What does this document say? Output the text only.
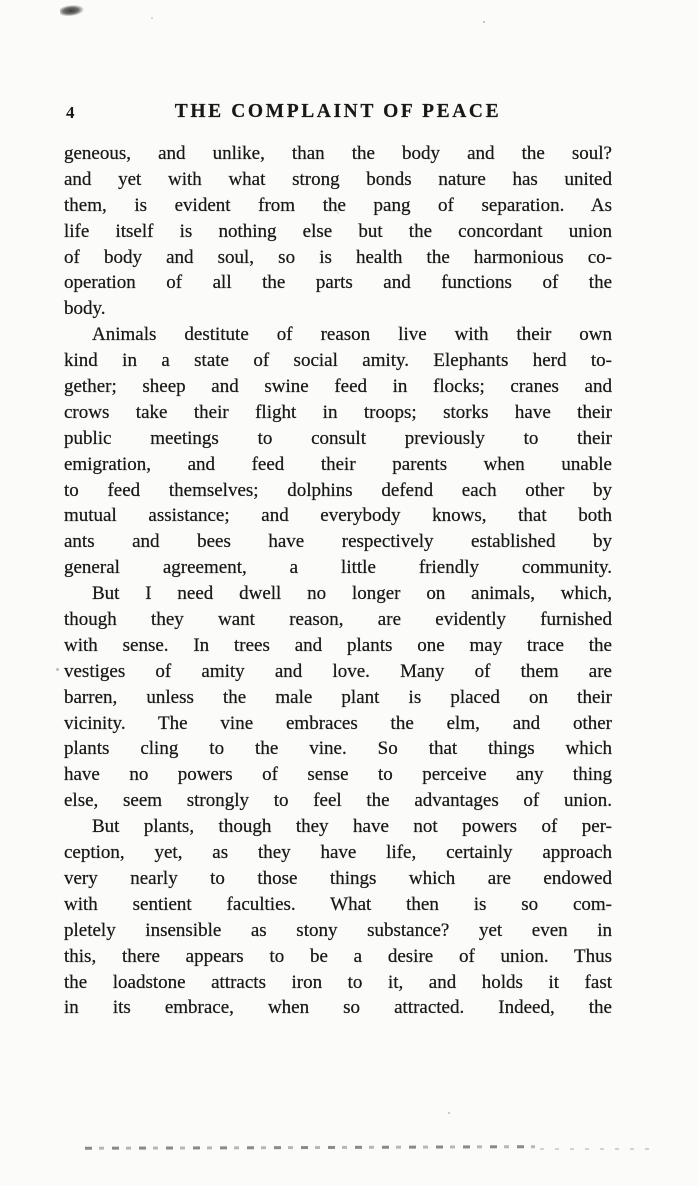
4	THE COMPLAINT OF PEACE
geneous, and unlike, than the body and the soul?
and yet with what strong bonds nature has united
them, is evident from the pang of separation. As
life itself is nothing else but the concordant union
of body and soul, so is health the harmonious co-
operation of all the parts and functions of the
body.
Animals destitute of reason live with their own
kind in a state of social amity. Elephants herd to-
gether; sheep and swine feed in flocks; cranes and
crows take their flight in troops; storks have their
public meetings to consult previously to their
emigration, and feed their parents when unable
to feed themselves; dolphins defend each other by
mutual assistance; and everybody knows, that both
ants and bees have respectively established by
general agreement, a little friendly community.
But I need dwell no longer on animals, which,
though they want reason, are evidently furnished
with sense. In trees and plants one may trace the
vestiges of amity and love. Many of them are
barren, unless the male plant is placed on their
vicinity. The vine embraces the elm, and other
plants cling to the vine. So that things which
have no powers of sense to perceive any thing
else, seem strongly to feel the advantages of union.
But plants, though they have not powers of per-
ception, yet, as they have life, certainly approach
very nearly to those things which are endowed
with sentient faculties. What then is so com-
pletely insensible as stony substance? yet even in
this, there appears to be a desire of union. Thus
the loadstone attracts iron to it, and holds it fast
in its embrace, when so attracted. Indeed, the
